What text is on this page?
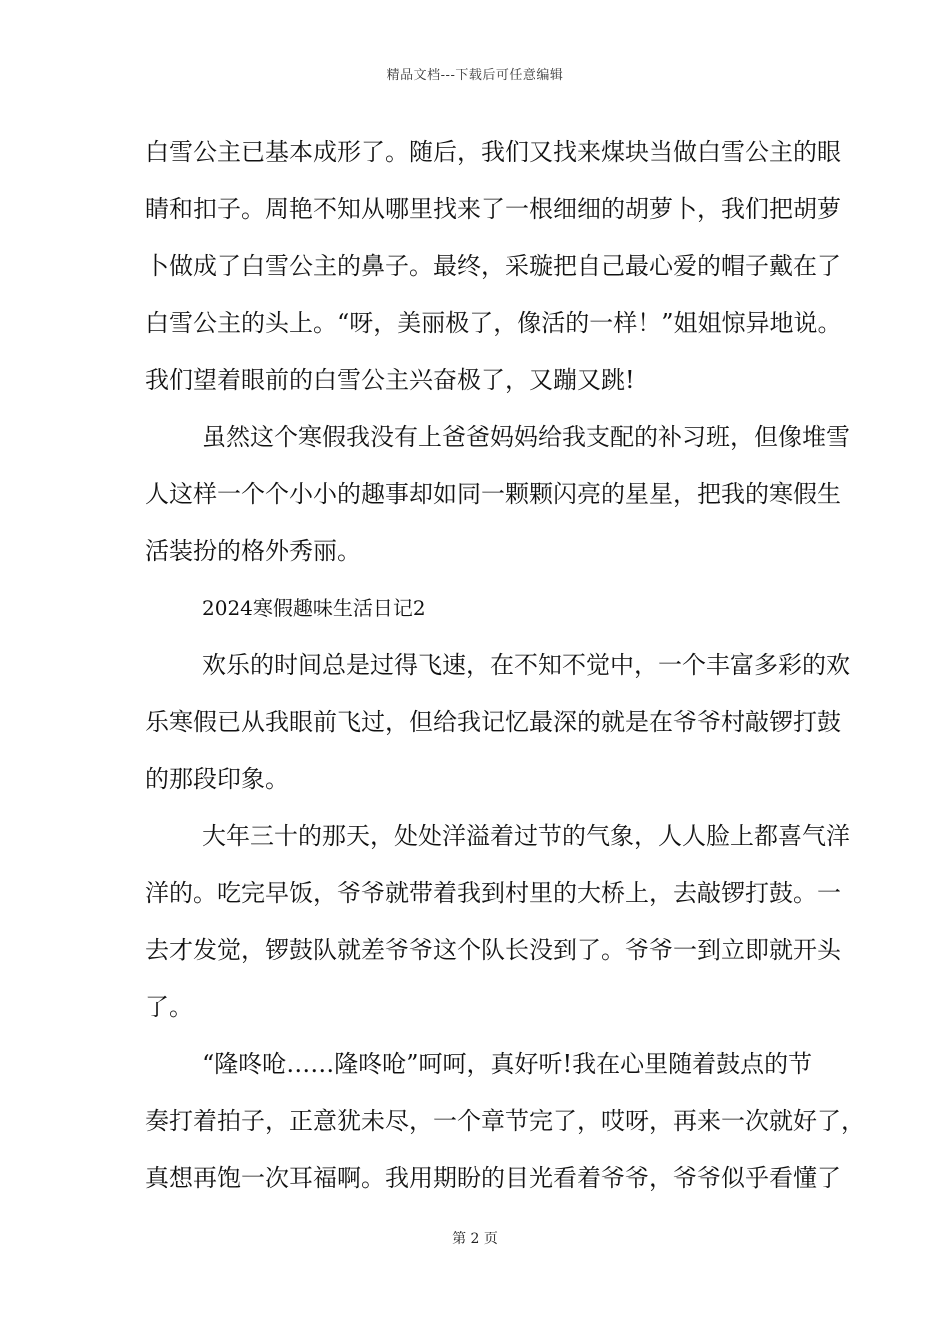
精品文档---下载后可任意编辑
白雪公主已基本成形了。随后，我们又找来煤块当做白雪公主的眼
睛和扣子。周艳不知从哪里找来了一根细细的胡萝卜，我们把胡萝
卜做成了白雪公主的鼻子。最终，采璇把自己最心爱的帽子戴在了
白雪公主的头上。“呀，美丽极了，像活的一样！”姐姐惊异地说。
我们望着眼前的白雪公主兴奋极了，又蹦又跳!
虽然这个寒假我没有上爸爸妈妈给我支配的补习班，但像堆雪
人这样一个个小小的趣事却如同一颗颗闪亮的星星，把我的寒假生
活装扮的格外秀丽。
2024寒假趣味生活日记2
欢乐的时间总是过得飞速，在不知不觉中，一个丰富多彩的欢
乐寒假已从我眼前飞过，但给我记忆最深的就是在爷爷村敲锣打鼓
的那段印象。
大年三十的那天，处处洋溢着过节的气象，人人脸上都喜气洋
洋的。吃完早饭，爷爷就带着我到村里的大桥上，去敲锣打鼓。一
去才发觉，锣鼓队就差爷爷这个队长没到了。爷爷一到立即就开头
了。
“隆咚呛……隆咚呛”呵呵，真好听!我在心里随着鼓点的节
奏打着拍子，正意犹未尽，一个章节完了，哎呀，再来一次就好了，
真想再饱一次耳福啊。我用期盼的目光看着爷爷，爷爷似乎看懂了
第 2 页
